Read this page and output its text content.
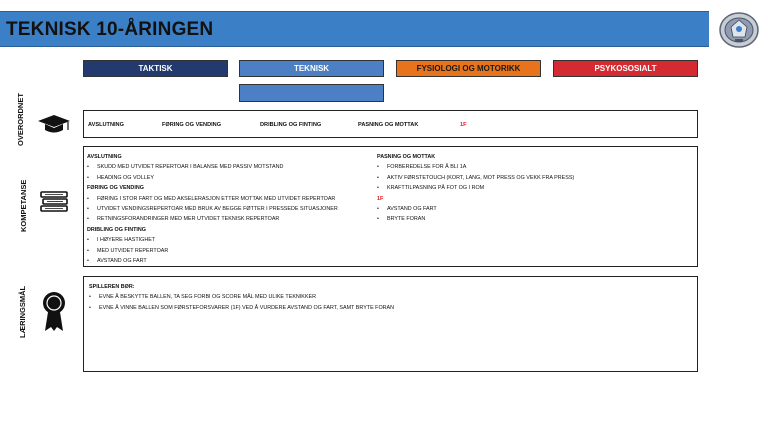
TEKNISK 10-ÅRINGEN
TAKTISK	TEKNISK	FYSIOLOGI OG MOTORIKK	PSYKOSOSIALT
OVERORDNET
KOMPETANSE
LÆRINGSMÅL
AVSLUTNING	FØRING OG VENDING	DRIBLING OG FINTING	PASNING OG MOTTAK	1F
AVSLUTNING
• SKUDD MED UTVIDET REPERTOAR I BALANSE MED PASSIV MOTSTAND
• HEADING OG VOLLEY
FØRING OG VENDING
• FØRING I STOR FART OG MED AKSELERASJON ETTER MOTTAK MED UTVIDET REPERTOAR
• UTVIDET VENDINGSREPERTOAR MED BRUK AV BEGGE FØTTER I PRESSEDE SITUASJONER
• RETNINGSFORANDRINGER MED MER UTVIDET TEKNISK REPERTOAR
DRIBLING OG FINTING
• I HØYERE HASTIGHET
• MED UTVIDET REPERTOAR
• AVSTAND OG FART
PASNING OG MOTTAK
• FORBEREDELSE FOR Å BLI 1A
• AKTIV FØRSTETOUCH (KORT, LANG, MOT PRESS OG VEKK FRA PRESS)
• KRAFTTILPASNING PÅ FOT OG I ROM
1F
• AVSTAND OG FART
• BRYTE FORAN
SPILLEREN BØR:
• EVNE Å BESKYTTE BALLEN, TA SEG FORBI OG SCORE MÅL MED ULIKE TEKNIKKER
• EVNE Å VINNE BALLEN SOM FØRSTEFORSVARER (1F) VED Å VURDERE AVSTAND OG FART, SAMT BRYTE FORAN
